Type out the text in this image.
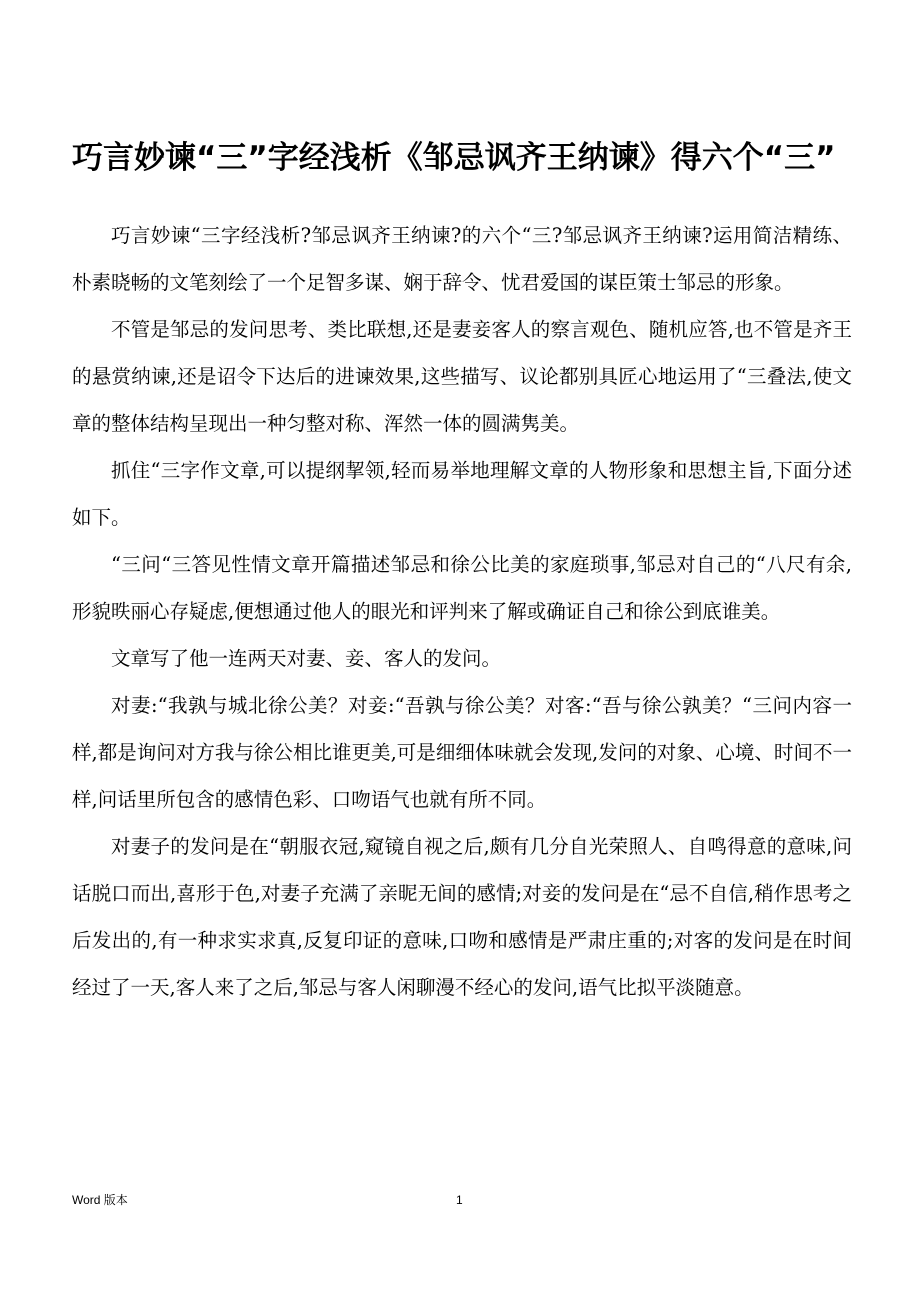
巧言妙谏“三”字经浅析《邹忌讽齐王纳谏》得六个“三”

巧言妙谏“三字经浅析?邹忌讽齐王纳谏?的六个“三?邹忌讽齐王纳谏?运用简洁精练、朴素晓畅的文笔刻绘了一个足智多谋、娴于辞令、忧君爱国的谋臣策士邹忌的形象。

不管是邹忌的发问思考、类比联想,还是妻妾客人的察言观色、随机应答,也不管是齐王的悬赏纳谏,还是诏令下达后的进谏效果,这些描写、议论都别具匠心地运用了“三叠法,使文章的整体结构呈现出一种匀整对称、浑然一体的圆满隽美。

抓住“三字作文章,可以提纲挈领,轻而易举地理解文章的人物形象和思想主旨,下面分述如下。

“三问“三答见性情文章开篇描述邹忌和徐公比美的家庭琐事,邹忌对自己的“八尺有余,形貌昳丽心存疑虑,便想通过他人的眼光和评判来了解或确证自己和徐公到底谁美。

文章写了他一连两天对妻、妾、客人的发问。

对妻:“我孰与城北徐公美？对妾:“吾孰与徐公美？对客:“吾与徐公孰美？“三问内容一样,都是询问对方我与徐公相比谁更美,可是细细体味就会发现,发问的对象、心境、时间不一样,问话里所包含的感情色彩、口吻语气也就有所不同。

对妻子的发问是在“朝服衣冠,窥镜自视之后,颇有几分自光荣照人、自鸣得意的意味,问话脱口而出,喜形于色,对妻子充满了亲昵无间的感情;对妾的发问是在“忌不自信,稍作思考之后发出的,有一种求实求真,反复印证的意味,口吻和感情是严肃庄重的;对客的发问是在时间经过了一天,客人来了之后,邹忌与客人闲聊漫不经心的发问,语气比拟平淡随意。

Word 版本	1
